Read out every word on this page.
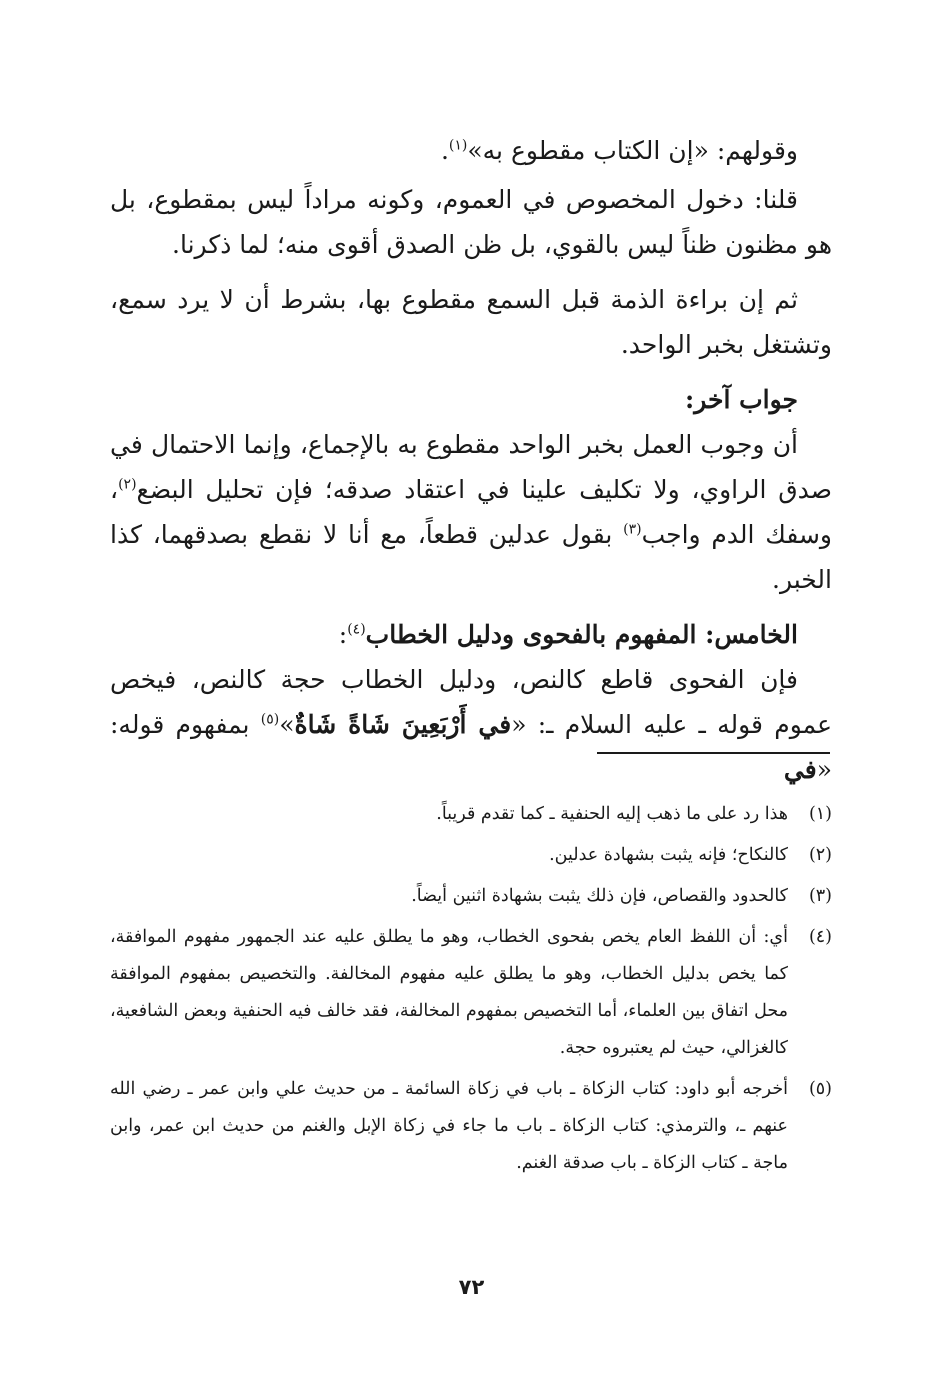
وقولهم: «إن الكتاب مقطوع به»$^{(١)}$.

قلنا: دخول المخصوص في العموم، وكونه مراداً ليس بمقطوع، بل هو مظنون ظناً ليس بالقوي، بل ظن الصدق أقوى منه؛ لما ذكرنا.

ثم إن براءة الذمة قبل السمع مقطوع بها، بشرط أن لا يرد سمع، وتشتغل بخبر الواحد.

جواب آخر:

أن وجوب العمل بخبر الواحد مقطوع به بالإجماع، وإنما الاحتمال في صدق الراوي، ولا تكليف علينا في اعتقاد صدقه؛ فإن تحليل البضع$^{(٢)}$، وسفك الدم واجب$^{(٣)}$ بقول عدلين قطعاً، مع أنا لا نقطع بصدقهما، كذا الخبر.

الخامس: المفهوم بالفحوى ودليل الخطاب$^{(٤)}$:

فإن الفحوى قاطع كالنص، ودليل الخطاب حجة كالنص، فيخص عموم قوله ـ عليه السلام ـ: «في أَرْبَعِينَ شَاةً شَاةٌ»$^{(٥)}$ بمفهوم قوله: «في

(١)
هذا رد على ما ذهب إليه الحنفية ـ كما تقدم قريباً.

(٢)
كالنكاح؛ فإنه يثبت بشهادة عدلين.

(٣)
كالحدود والقصاص، فإن ذلك يثبت بشهادة اثنين أيضاً.

(٤)
أي: أن اللفظ العام يخص بفحوى الخطاب، وهو ما يطلق عليه عند الجمهور مفهوم الموافقة، كما يخص بدليل الخطاب، وهو ما يطلق عليه مفهوم المخالفة. والتخصيص بمفهوم الموافقة محل اتفاق بين العلماء، أما التخصيص بمفهوم المخالفة، فقد خالف فيه الحنفية وبعض الشافعية، كالغزالي، حيث لم يعتبروه حجة.

(٥)
أخرجه أبو داود: كتاب الزكاة ـ باب في زكاة السائمة ـ من حديث علي وابن عمر ـ رضي الله عنهم ـ، والترمذي: كتاب الزكاة ـ باب ما جاء في زكاة الإبل والغنم من حديث ابن عمر، وابن ماجة ـ كتاب الزكاة ـ باب صدقة الغنم.

٧٢
